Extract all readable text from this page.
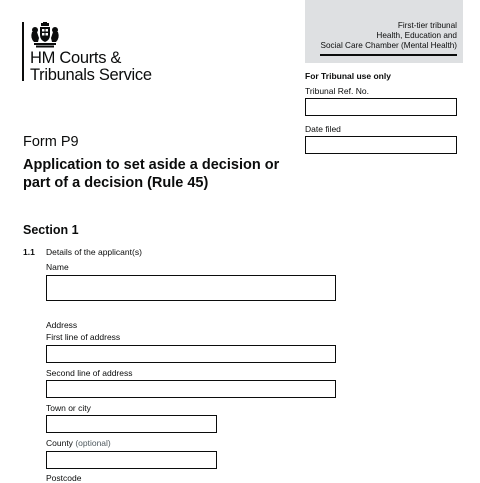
HM Courts &
Tribunals Service
First-tier tribunal
Health, Education and
Social Care Chamber (Mental Health)
For Tribunal use only
Tribunal Ref. No.
Date filed
Form P9
Application to set aside a decision or part of a decision (Rule 45)
Section 1
1.1 Details of the applicant(s)
Name
Address
First line of address
Second line of address
Town or city
County (optional)
Postcode
